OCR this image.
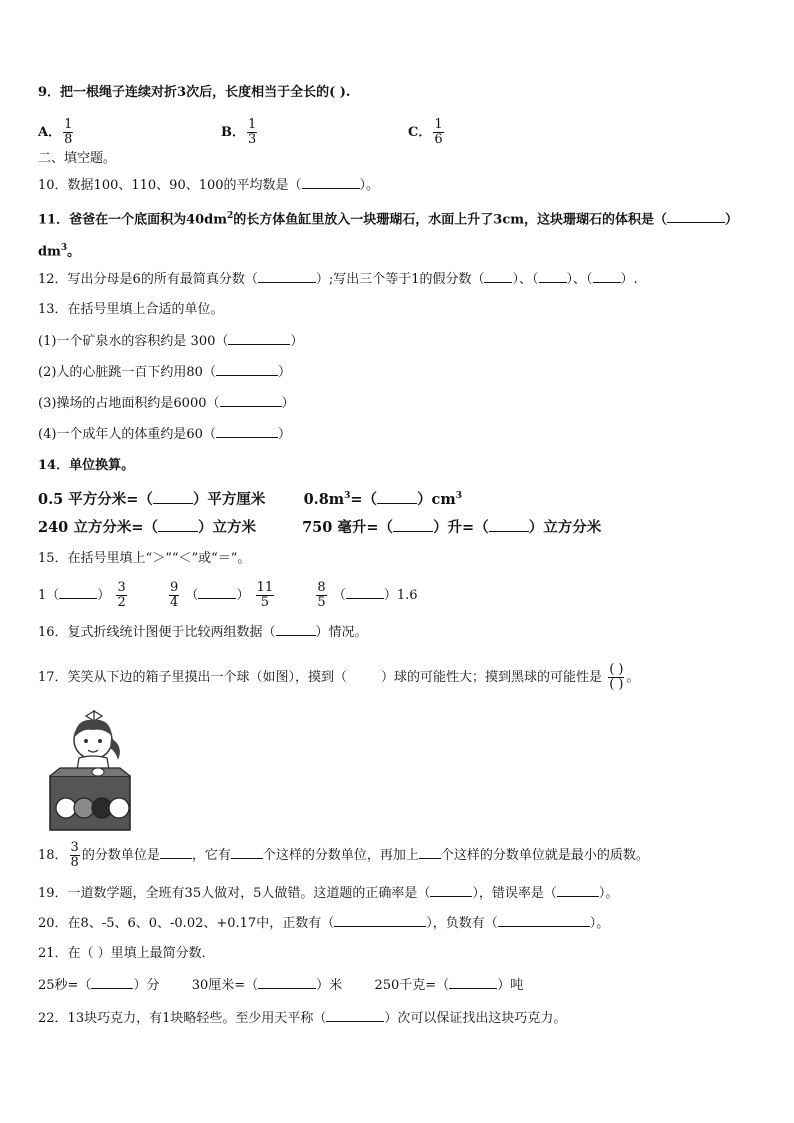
9．把一根绳子连续对折3次后，长度相当于全长的( ).
A． $\frac{1}{8}$	B． $\frac{1}{3}$	C． $\frac{1}{6}$
二、填空题。
10．数据100、110、90、100的平均数是（	）。
11．爸爸在一个底面积为$40dm^2$的长方体鱼缸里放入一块珊瑚石，水面上升了3cm，这块珊瑚石的体积是（	）
$dm^3$。
12．写出分母是6的所有最简真分数（	）;写出三个等于1的假分数（ ）、（ ）、（ ）.
13．在括号里填上合适的单位。
(1)一个矿泉水的容积约是 300（	）
(2)人的心脏跳一百下约用80（	）
(3)操场的占地面积约是6000（	）
(4)一个成年人的体重约是60（	）
14．单位换算。
0.5 平方分米=（	）平方厘米	$0.8m^3=$（	）$cm^3$
240 立方分米=（	）立方米	750 毫升=（	）升=（	）立方分米
15．在括号里填上“＞”“＜”或“＝”。
1（	） $\frac{3}{2}$
	$\frac{9}{4}$ （	） $\frac{11}{5}$
	$\frac{8}{5}$ （	）1.6
16．复式折线统计图便于比较两组数据（	）情况。
17．笑笑从下边的箱子里摸出一个球（如图），摸到（	）球的可能性大；摸到黑球的可能性是 $\frac{( )}{( )}$ 。
18． $\frac{3}{8}$ 的分数单位是 ，它有 个这样的分数单位，再加上 个这样的分数单位就是最小的质数。
19．一道数学题，全班有35人做对，5人做错。这道题的正确率是（	），错误率是（	）。
20．在8、-5、6、0、-0.02、+0.17中，正数有（	），负数有（	）。
21．在（ ）里填上最简分数．
25秒=（	）分 30厘米=（	）米 250千克=（	）吨
22．13块巧克力，有1块略轻些。至少用天平称（	）次可以保证找出这块巧克力。
